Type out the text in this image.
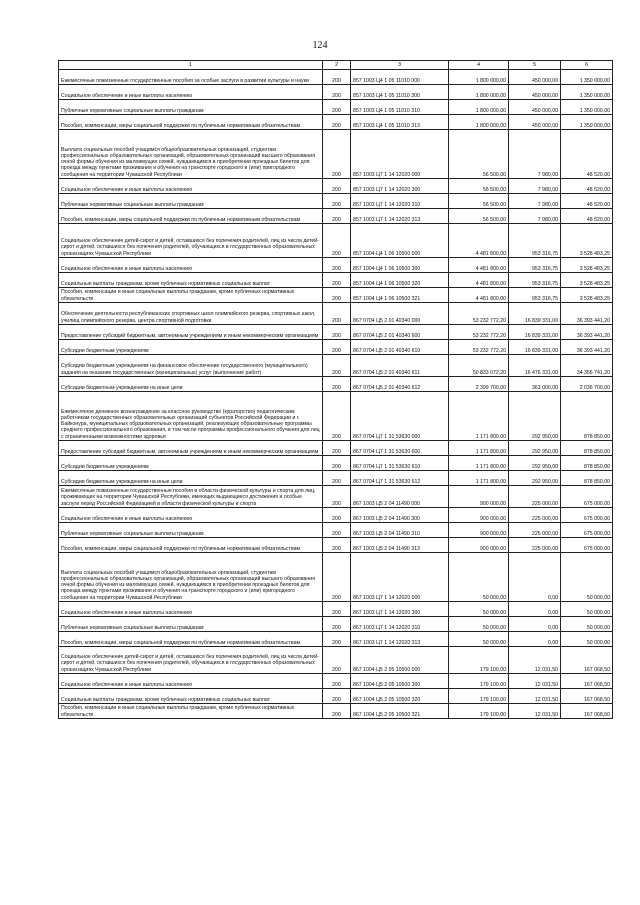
124
1	2	3	4	5	6
Ежемесячные пожизненные государственные пособия за особые заслуги в развитии культуры и науки	200	857 1003 Ц4 1 05 11010 000	1 800 000,00	450 000,00	1 350 000,00
Социальное обеспечение и иные выплаты населению	200	857 1003 Ц4 1 05 11010 300	1 800 000,00	450 000,00	1 350 000,00
Публичные нормативные социальные выплаты гражданам	200	857 1003 Ц4 1 05 11010 310	1 800 000,00	450 000,00	1 350 000,00
Пособия, компенсации, меры социальной поддержки по публичным нормативным обязательствам	200	857 1003 Ц4 1 05 11010 313	1 800 000,00	450 000,00	1 350 000,00
Выплата социальных пособий учащимся общеобразовательных организаций, студентам профессиональных образовательных организаций, образовательных организаций высшего образования очной формы обучения из малоимущих семей, нуждающимся в приобретении проездных билетов для проезда между пунктами проживания и обучения на транспорте городского и (или) пригородного сообщения на территории Чувашской Республики	200	857 1003 Ц7 1 14 12020 000	56 500,00	7 980,00	48 520,00
Социальное обеспечение и иные выплаты населению	200	857 1003 Ц7 1 14 12020 300	56 500,00	7 980,00	48 520,00
Публичные нормативные социальные выплаты гражданам	200	857 1003 Ц7 1 14 12020 310	56 500,00	7 980,00	48 520,00
Пособия, компенсации, меры социальной поддержки по публичным нормативным обязательствам	200	857 1003 Ц7 1 14 12020 313	56 500,00	7 980,00	48 520,00
Социальное обеспечение детей-сирот и детей, оставшихся без попечения родителей, лиц из числа детей-сирот и детей, оставшихся без попечения родителей, обучающихся в государственных образовательных организациях Чувашской Республики	200	857 1004 Ц4 1 06 10500 000	4 481 800,00	953 316,75	3 528 483,25
Социальное обеспечение и иные выплаты населению	200	857 1004 Ц4 1 06 10500 300	4 481 800,00	953 316,75	3 528 483,25
Социальные выплаты гражданам, кроме публичных нормативных социальных выплат	200	857 1004 Ц4 1 06 10500 320	4 481 800,00	953 316,75	3 528 483,25
Пособия, компенсации и иные социальные выплаты гражданам, кроме публичных нормативных обязательств	200	857 1004 Ц4 1 06 10500 321	4 481 800,00	953 316,75	3 528 483,25
Обеспечение деятельности республиканских спортивных школ олимпийского резерва, спортивных школ, училищ олимпийского резерва, центра спортивной подготовки	200	867 0704 Ц5 2 01 40340 000	53 232 772,20	16 839 331,00	36 393 441,20
Предоставление субсидий бюджетным, автономным учреждениям и иным некоммерческим организациям	200	867 0704 Ц5 2 01 40340 600	53 232 772,20	16 839 331,00	36 393 441,20
Субсидии бюджетным учреждениям	200	867 0704 Ц5 2 01 40340 610	53 232 772,20	16 839 331,00	36 393 441,20
Субсидии бюджетным учреждениям на финансовое обеспечение государственного (муниципального) задания на оказание государственных (муниципальных) услуг (выполнение работ)	200	867 0704 Ц5 2 01 40340 611	50 833 072,20	16 476 331,00	34 356 741,20
Субсидии бюджетным учреждениям на иные цели	200	867 0704 Ц5 2 01 40340 612	2 399 700,00	363 000,00	2 036 700,00
Ежемесячное денежное вознаграждение за классное руководство (кураторство) педагогическим работникам государственных образовательных организаций субъектов Российской Федерации и г. Байконура, муниципальных образовательных организаций, реализующих образовательные программы среднего профессионального образования, в том числе программы профессионального обучения для лиц с ограниченными возможностями здоровья	200	867 0704 Ц7 1 31 53630 000	1 171 800,00	292 950,00	878 850,00
Предоставление субсидий бюджетным, автономным учреждениям и иным некоммерческим организациям	200	867 0704 Ц7 1 31 53630 600	1 171 800,00	292 950,00	878 850,00
Субсидии бюджетным учреждениям	200	867 0704 Ц7 1 31 53630 610	1 171 800,00	292 950,00	878 850,00
Субсидии бюджетным учреждениям на иные цели	200	867 0704 Ц7 1 31 53630 612	1 171 800,00	292 950,00	878 850,00
Ежемесячные пожизненные государственные пособия в области физической культуры и спорта для лиц, проживающих на территории Чувашской Республики, имеющих выдающиеся достижения и особые заслуги перед Российской Федерацией в области физической культуры и спорта	200	867 1003 Ц5 2 04 11490 000	900 000,00	225 000,00	675 000,00
Социальное обеспечение и иные выплаты населению	200	867 1003 Ц5 2 04 11490 300	900 000,00	225 000,00	675 000,00
Публичные нормативные социальные выплаты гражданам	200	867 1003 Ц5 2 04 11490 310	900 000,00	225 000,00	675 000,00
Пособия, компенсации, меры социальной поддержки по публичным нормативным обязательствам	200	867 1003 Ц5 2 04 11490 313	900 000,00	225 000,00	675 000,00
Выплата социальных пособий учащимся общеобразовательных организаций, студентам профессиональных образовательных организаций, образовательных организаций высшего образования очной формы обучения из малоимущих семей, нуждающимся в приобретении проездных билетов для проезда между пунктами проживания и обучения на транспорте городского и (или) пригородного сообщения на территории Чувашской Республики	200	867 1003 Ц7 1 14 12020 000	50 000,00	0,00	50 000,00
Социальное обеспечение и иные выплаты населению	200	867 1003 Ц7 1 14 12020 300	50 000,00	0,00	50 000,00
Публичные нормативные социальные выплаты гражданам	200	867 1003 Ц7 1 14 12020 310	50 000,00	0,00	50 000,00
Пособия, компенсации, меры социальной поддержки по публичным нормативным обязательствам	200	867 1003 Ц7 1 14 12020 313	50 000,00	0,00	50 000,00
Социальное обеспечение детей-сирот и детей, оставшихся без попечения родителей, лиц из числа детей-сирот и детей, оставшихся без попечения родителей, обучающихся в государственных образовательных организациях Чувашской Республики	200	867 1004 Ц5 2 05 10500 000	179 100,00	12 031,50	167 068,50
Социальное обеспечение и иные выплаты населению	200	867 1004 Ц5 2 05 10500 300	179 100,00	12 031,50	167 068,50
Социальные выплаты гражданам, кроме публичных нормативных социальных выплат	200	867 1004 Ц5 2 05 10500 320	179 100,00	12 031,50	167 068,50
Пособия, компенсации и иные социальные выплаты гражданам, кроме публичных нормативных обязательств	200	867 1004 Ц5 2 05 10500 321	179 100,00	12 031,50	167 068,50
